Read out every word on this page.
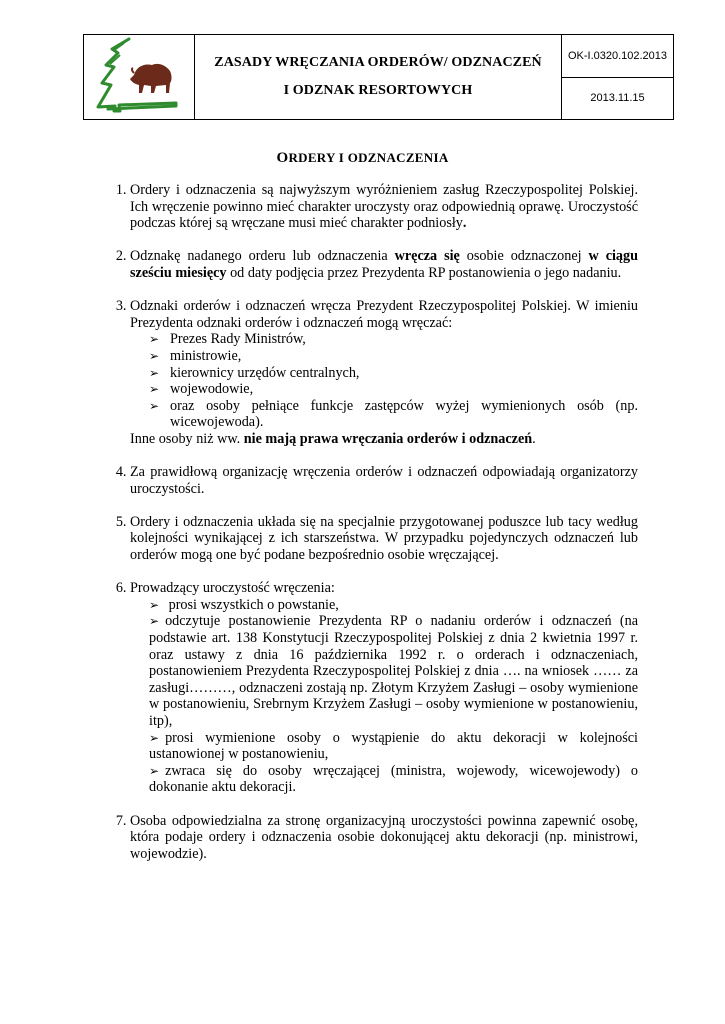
ZASADY WRĘCZANIA ORDERÓW/ ODZNACZEŃ
I ODZNAK RESORTOWYCH
OK-I.0320.102.2013
2013.11.15
ORDERY I ODZNACZENIA
1. Ordery i odznaczenia są najwyższym wyróżnieniem zasług Rzeczypospolitej Polskiej. Ich wręczenie powinno mieć charakter uroczysty oraz odpowiednią oprawę. Uroczystość podczas której są wręczane musi mieć charakter podniosły.
2. Odznakę nadanego orderu lub odznaczenia wręcza się osobie odznaczonej w ciągu sześciu miesięcy od daty podjęcia przez Prezydenta RP postanowienia o jego nadaniu.
3. Odznaki orderów i odznaczeń wręcza Prezydent Rzeczypospolitej Polskiej. W imieniu Prezydenta odznaki orderów i odznaczeń mogą wręczać:
➢ Prezes Rady Ministrów,
➢ ministrowie,
➢ kierownicy urzędów centralnych,
➢ wojewodowie,
➢ oraz osoby pełniące funkcje zastępców wyżej wymienionych osób (np. wicewojewoda).
Inne osoby niż ww. nie mają prawa wręczania orderów i odznaczeń.
4. Za prawidłową organizację wręczenia orderów i odznaczeń odpowiadają organizatorzy uroczystości.
5. Ordery i odznaczenia układa się na specjalnie przygotowanej poduszce lub tacy według kolejności wynikającej z ich starszeństwa. W przypadku pojedynczych odznaczeń lub orderów mogą one być podane bezpośrednio osobie wręczającej.
6. Prowadzący uroczystość wręczenia:
➢ prosi wszystkich o powstanie,
➢ odczytuje postanowienie Prezydenta RP o nadaniu orderów i odznaczeń (na podstawie art. 138 Konstytucji Rzeczypospolitej Polskiej z dnia 2 kwietnia 1997 r. oraz ustawy z dnia 16 października 1992 r. o orderach i odznaczeniach, postanowieniem Prezydenta Rzeczypospolitej Polskiej z dnia …. na wniosek …… za zasługi………, odznaczeni zostają np. Złotym Krzyżem Zasługi – osoby wymienione w postanowieniu, Srebrnym Krzyżem Zasługi – osoby wymienione w postanowieniu, itp),
➢ prosi wymienione osoby o wystąpienie do aktu dekoracji w kolejności ustanowionej w postanowieniu,
➢ zwraca się do osoby wręczającej (ministra, wojewody, wicewojewody) o dokonanie aktu dekoracji.
7. Osoba odpowiedzialna za stronę organizacyjną uroczystości powinna zapewnić osobę, która podaje ordery i odznaczenia osobie dokonującej aktu dekoracji (np. ministrowi, wojewodzie).
